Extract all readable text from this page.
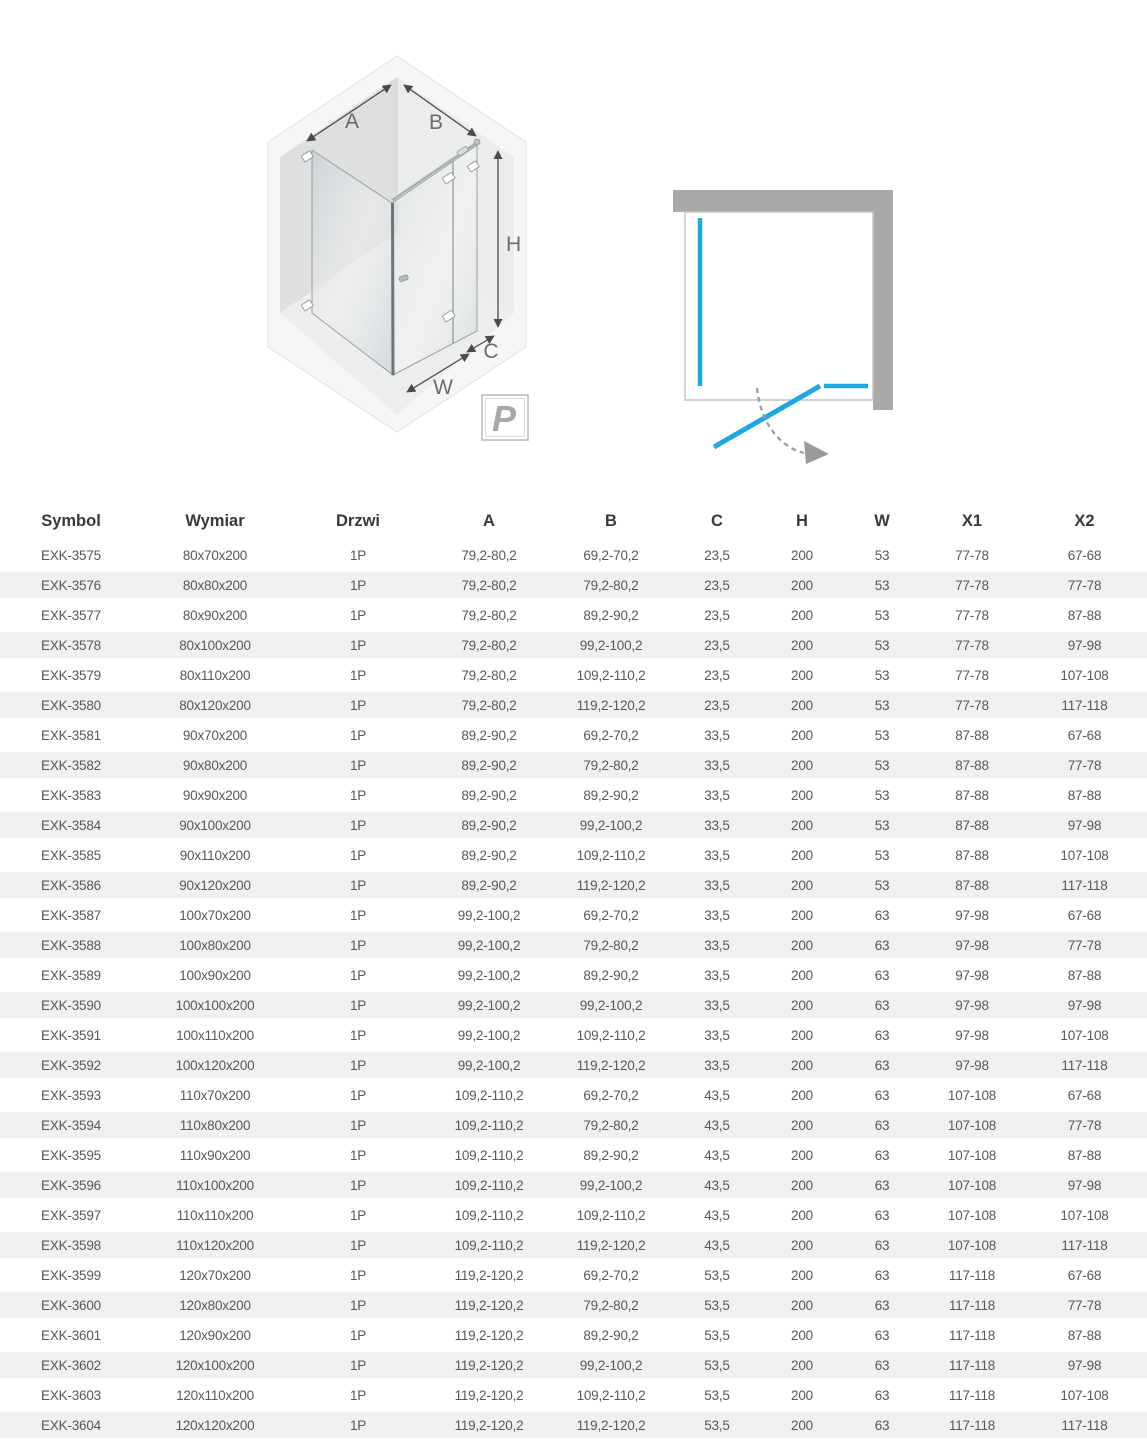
A	B
H
C
W
P
Symbol	Wymiar	Drzwi	A	B	C	H	W	X1	X2
EXK-3575	80x70x200	1P	79,2-80,2	69,2-70,2	23,5	200	53	77-78	67-68
EXK-3576	80x80x200	1P	79,2-80,2	79,2-80,2	23,5	200	53	77-78	77-78
EXK-3577	80x90x200	1P	79,2-80,2	89,2-90,2	23,5	200	53	77-78	87-88
EXK-3578	80x100x200	1P	79,2-80,2	99,2-100,2	23,5	200	53	77-78	97-98
EXK-3579	80x110x200	1P	79,2-80,2	109,2-110,2	23,5	200	53	77-78	107-108
EXK-3580	80x120x200	1P	79,2-80,2	119,2-120,2	23,5	200	53	77-78	117-118
EXK-3581	90x70x200	1P	89,2-90,2	69,2-70,2	33,5	200	53	87-88	67-68
EXK-3582	90x80x200	1P	89,2-90,2	79,2-80,2	33,5	200	53	87-88	77-78
EXK-3583	90x90x200	1P	89,2-90,2	89,2-90,2	33,5	200	53	87-88	87-88
EXK-3584	90x100x200	1P	89,2-90,2	99,2-100,2	33,5	200	53	87-88	97-98
EXK-3585	90x110x200	1P	89,2-90,2	109,2-110,2	33,5	200	53	87-88	107-108
EXK-3586	90x120x200	1P	89,2-90,2	119,2-120,2	33,5	200	53	87-88	117-118
EXK-3587	100x70x200	1P	99,2-100,2	69,2-70,2	33,5	200	63	97-98	67-68
EXK-3588	100x80x200	1P	99,2-100,2	79,2-80,2	33,5	200	63	97-98	77-78
EXK-3589	100x90x200	1P	99,2-100,2	89,2-90,2	33,5	200	63	97-98	87-88
EXK-3590	100x100x200	1P	99,2-100,2	99,2-100,2	33,5	200	63	97-98	97-98
EXK-3591	100x110x200	1P	99,2-100,2	109,2-110,2	33,5	200	63	97-98	107-108
EXK-3592	100x120x200	1P	99,2-100,2	119,2-120,2	33,5	200	63	97-98	117-118
EXK-3593	110x70x200	1P	109,2-110,2	69,2-70,2	43,5	200	63	107-108	67-68
EXK-3594	110x80x200	1P	109,2-110,2	79,2-80,2	43,5	200	63	107-108	77-78
EXK-3595	110x90x200	1P	109,2-110,2	89,2-90,2	43,5	200	63	107-108	87-88
EXK-3596	110x100x200	1P	109,2-110,2	99,2-100,2	43,5	200	63	107-108	97-98
EXK-3597	110x110x200	1P	109,2-110,2	109,2-110,2	43,5	200	63	107-108	107-108
EXK-3598	110x120x200	1P	109,2-110,2	119,2-120,2	43,5	200	63	107-108	117-118
EXK-3599	120x70x200	1P	119,2-120,2	69,2-70,2	53,5	200	63	117-118	67-68
EXK-3600	120x80x200	1P	119,2-120,2	79,2-80,2	53,5	200	63	117-118	77-78
EXK-3601	120x90x200	1P	119,2-120,2	89,2-90,2	53,5	200	63	117-118	87-88
EXK-3602	120x100x200	1P	119,2-120,2	99,2-100,2	53,5	200	63	117-118	97-98
EXK-3603	120x110x200	1P	119,2-120,2	109,2-110,2	53,5	200	63	117-118	107-108
EXK-3604	120x120x200	1P	119,2-120,2	119,2-120,2	53,5	200	63	117-118	117-118
